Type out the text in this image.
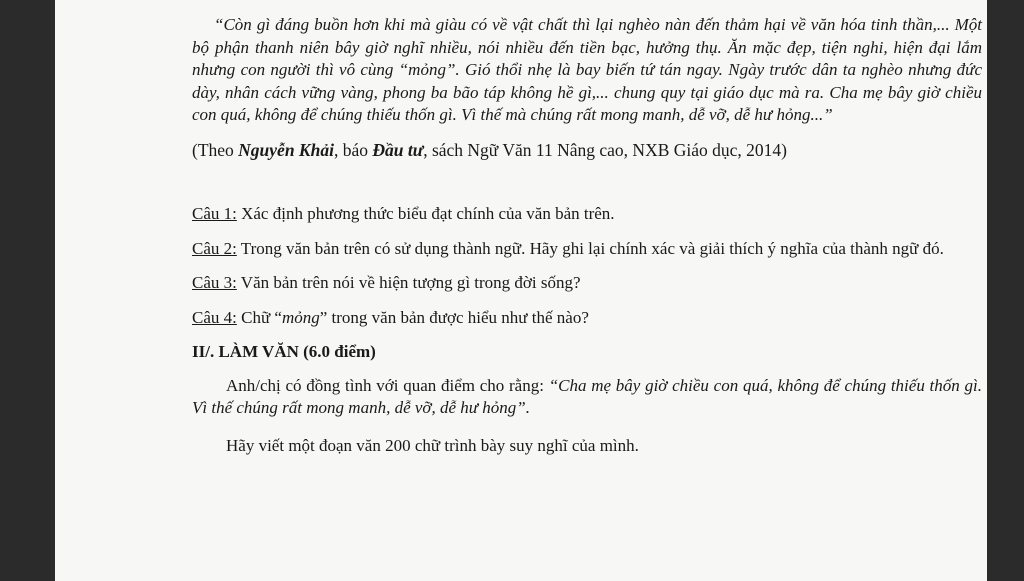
“Còn gì đáng buồn hơn khi mà giàu có về vật chất thì lại nghèo nàn đến thảm hại về văn hóa tinh thần,... Một bộ phận thanh niên bây giờ nghĩ nhiều, nói nhiều đến tiền bạc, hưởng thụ. Ăn mặc đẹp, tiện nghi, hiện đại lắm nhưng con người thì vô cùng “mỏng”. Gió thổi nhẹ là bay biến tứ tán ngay. Ngày trước dân ta nghèo nhưng đức dày, nhân cách vững vàng, phong ba bão táp không hề gì,... chung quy tại giáo dục mà ra. Cha mẹ bây giờ chiều con quá, không để chúng thiếu thốn gì. Vì thế mà chúng rất mong manh, dễ vỡ, dễ hư hỏng...”

(Theo Nguyễn Khải, báo Đầu tư, sách Ngữ Văn 11 Nâng cao, NXB Giáo dục, 2014)

Câu 1: Xác định phương thức biểu đạt chính của văn bản trên.

Câu 2: Trong văn bản trên có sử dụng thành ngữ. Hãy ghi lại chính xác và giải thích ý nghĩa của thành ngữ đó.

Câu 3: Văn bản trên nói về hiện tượng gì trong đời sống?

Câu 4: Chữ “mỏng” trong văn bản được hiểu như thế nào?

II/. LÀM VĂN (6.0 điểm)

Anh/chị có đồng tình với quan điểm cho rằng: “Cha mẹ bây giờ chiều con quá, không để chúng thiếu thốn gì. Vì thế chúng rất mong manh, dễ vỡ, dễ hư hỏng”.

Hãy viết một đoạn văn 200 chữ trình bày suy nghĩ của mình.
